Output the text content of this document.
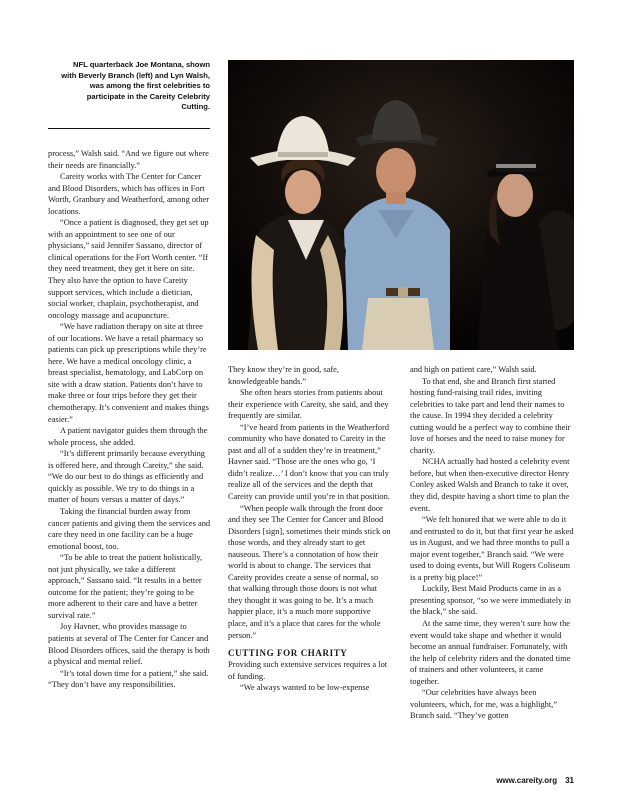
NFL quarterback Joe Montana, shown with Beverly Branch (left) and Lyn Walsh, was among the first celebrities to participate in the Careity Celebrity Cutting.

process,” Walsh said. “And we figure out where their needs are financially.”

Careity works with The Center for Cancer and Blood Disorders, which has offices in Fort Worth, Granbury and Weatherford, among other locations.

“Once a patient is diagnosed, they get set up with an appointment to see one of our physicians,” said Jennifer Sassano, director of clinical operations for the Fort Worth center. “If they need treatment, they get it here on site. They also have the option to have Careity support services, which include a dietician, social worker, chaplain, psychotherapist, and oncology massage and acupuncture.

“We have radiation therapy on site at three of our locations. We have a retail pharmacy so patients can pick up prescriptions while they’re here. We have a medical oncology clinic, a breast specialist, hematology, and LabCorp on site with a draw station. Patients don’t have to make three or four trips before they get their chemotherapy. It’s convenient and makes things easier.”

A patient navigator guides them through the whole process, she added.

“It’s different primarily because everything is offered here, and through Careity,” she said. “We do our best to do things as efficiently and quickly as possible. We try to do things in a matter of hours versus a matter of days.”

Taking the financial burden away from cancer patients and giving them the services and care they need in one facility can be a huge emotional boost, too.

“To be able to treat the patient holistically, not just physically, we take a different approach,” Sassano said. “It results in a better outcome for the patient; they’re going to be more adherent to their care and have a better survival rate.”

Joy Havner, who provides massage to patients at several of The Center for Cancer and Blood Disorders offices, said the therapy is both a physical and mental relief.

“It’s total down time for a patient,” she said. “They don’t have any responsibilities.

They know they’re in good, safe, knowledgeable hands.”

She often hears stories from patients about their experience with Careity, she said, and they frequently are similar.

“I’ve heard from patients in the Weatherford community who have donated to Careity in the past and all of a sudden they’re in treatment,” Havner said. “Those are the ones who go, ‘I didn’t realize…’ I don’t know that you can truly realize all of the services and the depth that Careity can provide until you’re in that position.

“When people walk through the front door and they see The Center for Cancer and Blood Disorders [sign], sometimes their minds stick on those words, and they already start to get nauseous. There’s a connotation of how their world is about to change. The services that Careity provides create a sense of normal, so that walking through those doors is not what they thought it was going to be. It’s a much happier place, it’s a much more supportive place, and it’s a place that cares for the whole person.”

CUTTING FOR CHARITY

Providing such extensive services requires a lot of funding.

“We always wanted to be low-expense

and high on patient care,” Walsh said.

To that end, she and Branch first started hosting fund-raising trail rides, inviting celebrities to take part and lend their names to the cause. In 1994 they decided a celebrity cutting would be a perfect way to combine their love of horses and the need to raise money for charity.

NCHA actually had hosted a celebrity event before, but when then-executive director Henry Conley asked Walsh and Branch to take it over, they did, despite having a short time to plan the event.

“We felt honored that we were able to do it and entrusted to do it, but that first year he asked us in August, and we had three months to pull a major event together,” Branch said. “We were used to doing events, but Will Rogers Coliseum is a pretty big place!”

Luckily, Best Maid Products came in as a presenting sponsor, “so we were immediately in the black,” she said.

At the same time, they weren’t sure how the event would take shape and whether it would become an annual fundraiser. Fortunately, with the help of celebrity riders and the donated time of trainers and other volunteers, it came together.

“Our celebrities have always been volunteers, which, for me, was a highlight,” Branch said. “They’ve gotten

www.careity.org 31
